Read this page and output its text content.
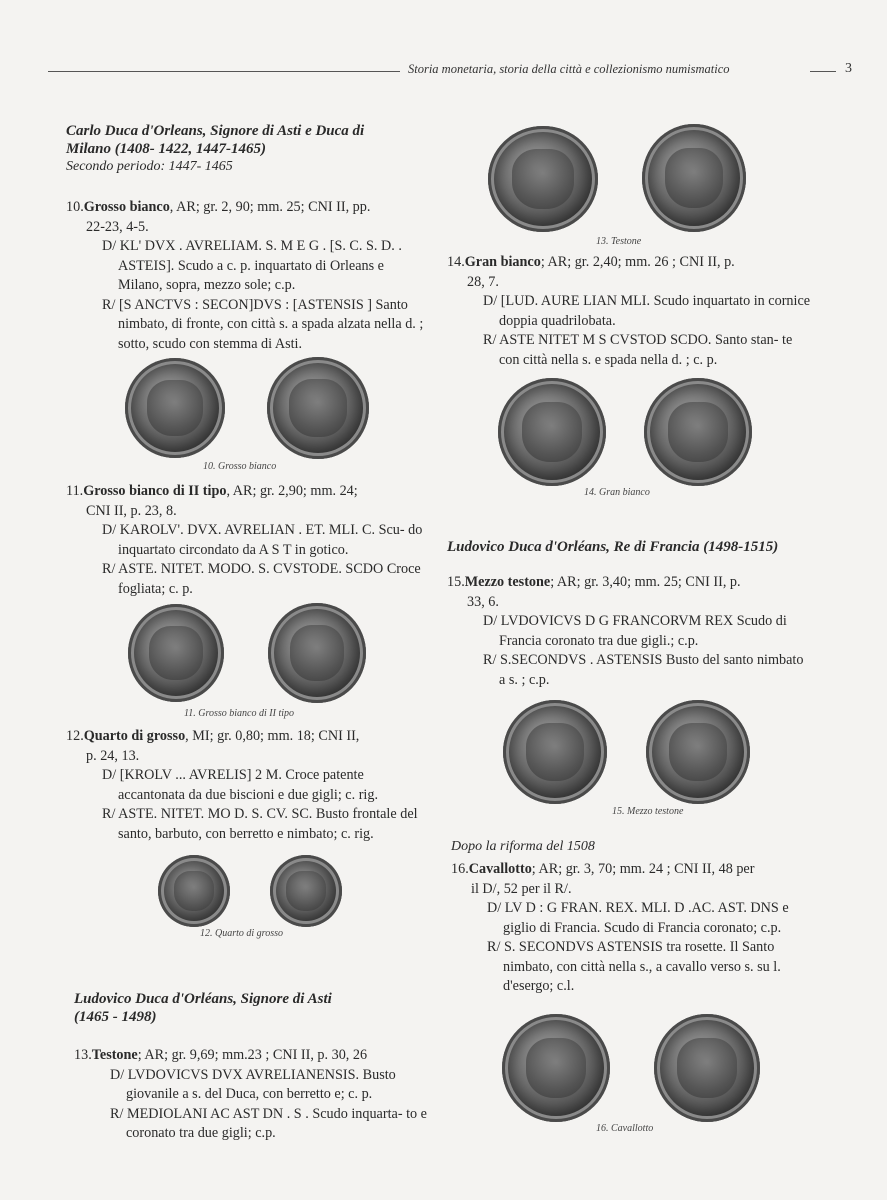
Storia monetaria, storia della città e collezionismo numismatico	3
Carlo Duca d'Orleans, Signore di Asti e Duca di
Milano (1408- 1422, 1447-1465)
Secondo periodo: 1447- 1465

10.Grosso bianco, AR; gr. 2, 90; mm. 25; CNI II, pp.

22-23, 4-5.

D/ KL' DVX . AVRELIAM. S. M E G . [S. C. S. D. . ASTEIS]. Scudo a c. p. inquartato di Orleans e Milano, sopra, mezzo sole; c.p.

R/ [S ANCTVS : SECON]DVS : [ASTENSIS ] Santo nimbato, di fronte, con città s. a spada alzata nella d. ; sotto, scudo con stemma di Asti.

10. Grosso bianco

11.Grosso bianco di II tipo, AR; gr. 2,90; mm. 24;

CNI II, p. 23, 8.

D/ KAROLV'. DVX. AVRELIAN . ET. MLI. C. Scu- do inquartato circondato da A S T in gotico.

R/ ASTE. NITET. MODO. S. CVSTODE. SCDO Croce fogliata; c. p.

11. Grosso bianco di II tipo

12.Quarto di grosso, MI; gr. 0,80; mm. 18; CNI II,

p. 24, 13.

D/ [KROLV ... AVRELIS] 2 M. Croce patente accantonata da due biscioni e due gigli; c. rig.

R/ ASTE. NITET. MO D. S. CV. SC. Busto frontale del santo, barbuto, con berretto e nimbato; c. rig.

12. Quarto di grosso
Ludovico Duca d'Orléans, Signore di Asti
(1465 - 1498)

13.Testone; AR; gr. 9,69; mm.23 ; CNI II, p. 30, 26

D/ LVDOVICVS DVX AVRELIANENSIS. Busto giovanile a s. del Duca, con berretto e; c. p.

R/ MEDIOLANI AC AST DN . S . Scudo inquarta- to e coronato tra due gigli; c.p.

13. Testone

14.Gran bianco; AR; gr. 2,40; mm. 26 ; CNI II, p.

28, 7.

D/ [LUD. AURE LIAN MLI. Scudo inquartato in cornice doppia quadrilobata.

R/ ASTE NITET M S CVSTOD SCDO. Santo stan- te con città nella s. e spada nella d. ; c. p.

14. Gran bianco
Ludovico Duca d'Orléans, Re di Francia (1498-1515)

15.Mezzo testone; AR; gr. 3,40; mm. 25; CNI II, p.

33, 6.

D/ LVDOVICVS D G FRANCORVM REX Scudo di Francia coronato tra due gigli.; c.p.

R/ S.SECONDVS . ASTENSIS Busto del santo nimbato a s. ; c.p.

15. Mezzo testone
Dopo la riforma del 1508

16.Cavallotto; AR; gr. 3, 70; mm. 24 ; CNI II, 48 per

il D/, 52 per il R/.

D/ LV D : G FRAN. REX. MLI. D .AC. AST. DNS e giglio di Francia. Scudo di Francia coronato; c.p.

R/ S. SECONDVS ASTENSIS tra rosette. Il Santo nimbato, con città nella s., a cavallo verso s. su l. d'esergo; c.l.

16. Cavallotto
